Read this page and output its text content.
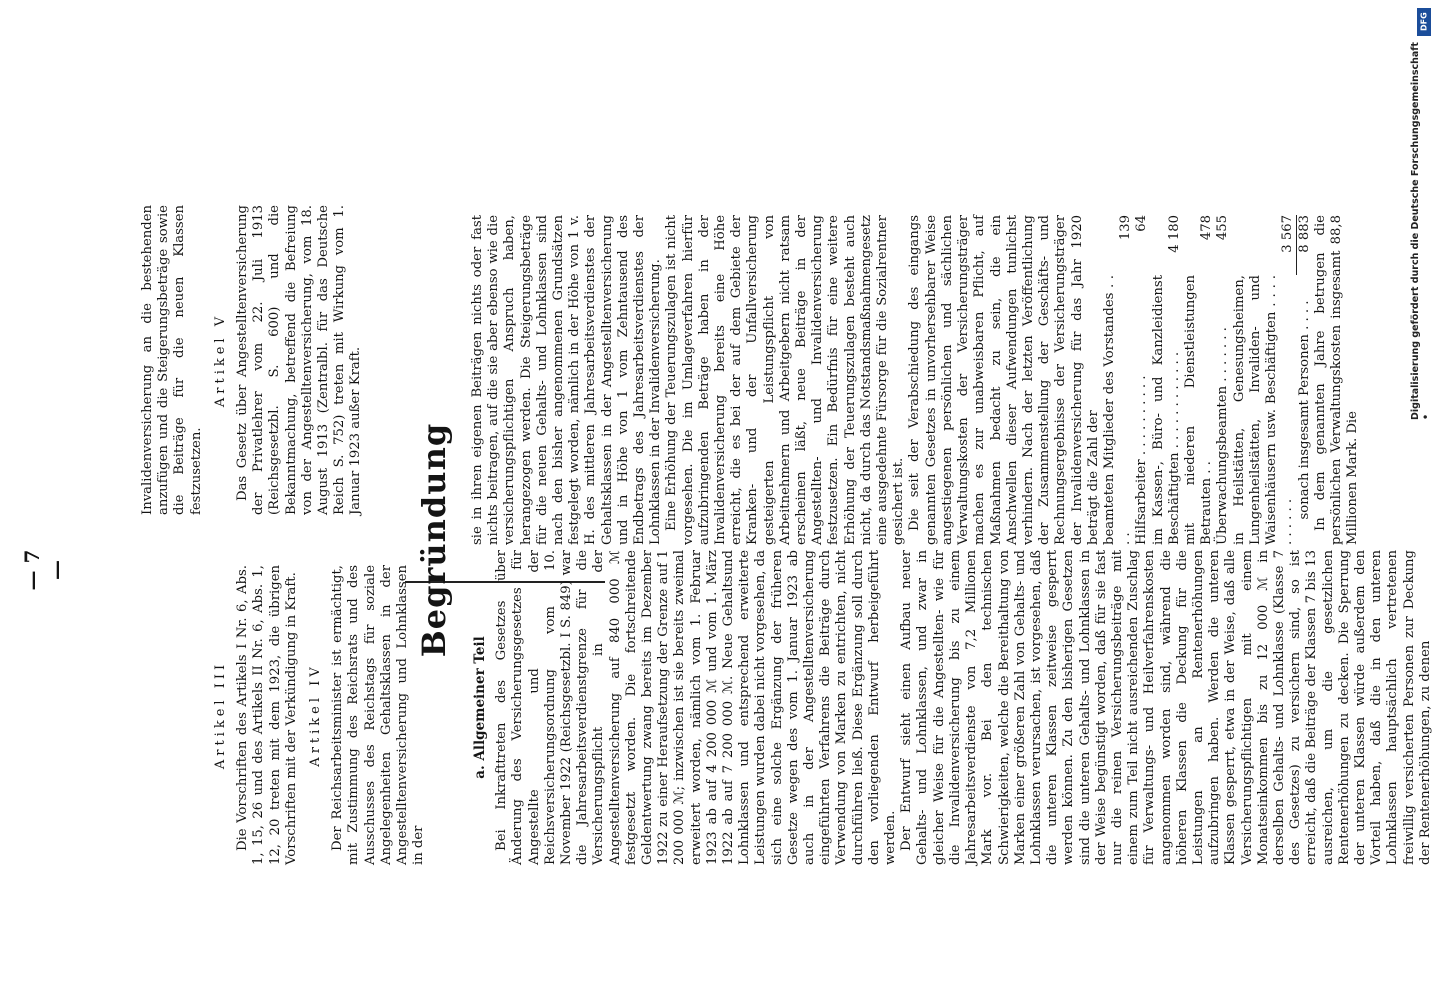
— 7 —
Artikel III Die Vorschriften des Artikels I Nr. 6, Abs. 1, 15, 26 und des Artikels II Nr. 6, Abs. 1, 12, 20 treten mit dem 1923, die übrigen Vorschriften mit der Verkündigung in Kraft. Artikel IV Der Reichsarbeitsminister ist ermächtigt, mit Zustimmung des Reichsrats und des Ausschusses des Reichstags für soziale Angelegenheiten Gehaltsklassen in der Angestelltenversicherung und Lohnklassen in der

Invalidenversicherung an die bestehenden anzufügen und die Steigerungsbeträge sowie die Beiträge für die neuen Klassen festzusetzen.

Artikel V Das Gesetz über Angestelltenversicherung der Privatlehrer vom 22. Juli 1913 (Reichsgesetzbl. S. 600) und die Bekanntmachung, betreffend die Befreiung von der Angestelltenversicherung, vom 18. August 1913 (Zentralbl. für das Deutsche Reich S. 752) treten mit Wirkung vom 1. Januar 1923 außer Kraft. Begründung
a. Allgemeiner Teil Bei Inkrafttreten des Gesetzes über Änderung des Versicherungsgesetzes für Angestellte und der Reichsversicherungsordnung vom 10. November 1922 (Reichsgesetzbl. I S. 849) war die Jahresarbeitsverdienstgrenze für die Versicherungspflicht in der Angestelltenversicherung auf 840 000 ℳ festgesetzt worden. Die fortschreitende Geldentwertung zwang bereits im Dezember 1922 zu einer Heraufsetzung der Grenze auf 1 200 000 ℳ; inzwischen ist sie bereits zweimal erweitert worden, nämlich vom 1. Februar 1923 ab auf 4 200 000 ℳ und vom 1. März 1922 ab auf 7 200 000 ℳ. Neue Gehaltsund Lohnklassen und entsprechend erweiterte Leistungen wurden dabei nicht vorgesehen, da sich eine solche Ergänzung der früheren Gesetze wegen des vom 1. Januar 1923 ab auch in der Angestelltenversicherung eingeführten Verfahrens die Beiträge durch Verwendung von Marken zu entrichten, nicht durchführen ließ. Diese Ergänzung soll durch den vorliegenden Entwurf herbeigeführt werden. Der Entwurf sieht einen Aufbau neuer Gehalts- und Lohnklassen, und zwar in gleicher Weise für die Angestellten- wie für die Invalidenversicherung bis zu einem Jahresarbeitsverdienste von 7,2 Millionen Mark vor. Bei den technischen Schwierigkeiten, welche die Bereithaltung von Marken einer größeren Zahl von Gehalts- und Lohnklassen verursachen, ist vorgesehen, daß die unteren Klassen zeitweise gesperrt werden können. Zu den bisherigen Gesetzen sind die unteren Gehalts- und Lohnklassen in der Weise begünstigt worden, daß für sie fast nur die reinen Versicherungsbeiträge mit einem zum Teil nicht ausreichenden Zuschlag für Verwaltungs- und Heilverfahrenskosten angenommen worden sind, während die höheren Klassen die Deckung für die Leistungen an Rentenerhöhungen aufzubringen haben. Werden die unteren Klassen gesperrt, etwa in der Weise, daß alle Versicherungspflichtigen mit einem Monatseinkommen bis zu 12 000 ℳ in derselben Gehalts- und Lohnklasse (Klasse 7 des Gesetzes) zu versichern sind, so ist erreicht, daß die Beiträge der Klassen 7 bis 13 ausreichen, um die gesetzlichen Rentenerhöhungen zu decken. Die Sperrung der unteren Klassen würde außerdem den Vorteil haben, daß die in den unteren Lohnklassen hauptsächlich vertretenen freiwillig versicherten Personen zur Deckung der Rentenerhöhungen, zu denen

sie in ihren eigenen Beiträgen nichts oder fast nichts beitragen, auf die sie aber ebenso wie die versicherungspflichtigen Anspruch haben, herangezogen werden. Die Steigerungsbeträge für die neuen Gehalts- und Lohnklassen sind nach den bisher angenommenen Grundsätzen festgelegt worden, nämlich in der Höhe von 1 v. H. des mittleren Jahresarbeitsverdienstes der Gehaltsklassen in der Angestelltenversicherung und in Höhe von 1 vom Zehntausend des Endbetrags des Jahresarbeitsverdienstes der Lohnklassen in der Invalidenversicherung. Eine Erhöhung der Teuerungszulagen ist nicht vorgesehen. Die im Umlageverfahren hierfür aufzubringenden Beträge haben in der Invalidenversicherung bereits eine Höhe erreicht, die es bei der auf dem Gebiete der Kranken- und der Unfallversicherung gesteigerten Leistungspflicht von Arbeitnehmern und Arbeitgebern nicht ratsam erscheinen läßt, neue Beiträge in der Angestellten- und Invalidenversicherung festzusetzen. Ein Bedürfnis für eine weitere Erhöhung der Teuerungszulagen besteht auch nicht, da durch das Notstandsmaßnahmengesetz eine ausgedehnte Fürsorge für die Sozialrentner gesichert ist. Die seit der Verabschiedung des eingangs genannten Gesetzes in unvorhersehbarer Weise angestiegenen persönlichen und sächlichen Verwaltungskosten der Versicherungsträger machen es zur unabweisbaren Pflicht, auf Maßnahmen bedacht zu sein, die ein Anschwellen dieser Aufwendungen tunlichst verhindern. Nach der letzten Veröffentlichung der Zusammenstellung der Geschäfts- und Rechnungsergebnisse der Versicherungsträger der Invalidenversicherung für das Jahr 1920 beträgt die Zahl der beamteten Mitglieder des Vorstandes . . . .	139
Hilfsarbeiter . . . . . . . . . .	64
im Kassen-, Büro- und Kanzleidienst Beschäftigten . . . . . . . . . . . .	4 180
mit niederen Dienstleistungen Betrauten . .	478
Überwachungsbeamten . . . . . . .	455
in Heilstätten, Genesungsheimen, Lungenheilstätten, Invaliden- und Waisenhäusern usw. Beschäftigten . . . . . . . . . .	3 567
sonach insgesamt Personen . . . .	8 883 In dem genannten Jahre betrugen die persönlichen Verwaltungskosten insgesamt 88,8 Millionen Mark. Die

DFG
Digitalisierung gefördert durch die Deutsche Forschungsgemeinschaft •
